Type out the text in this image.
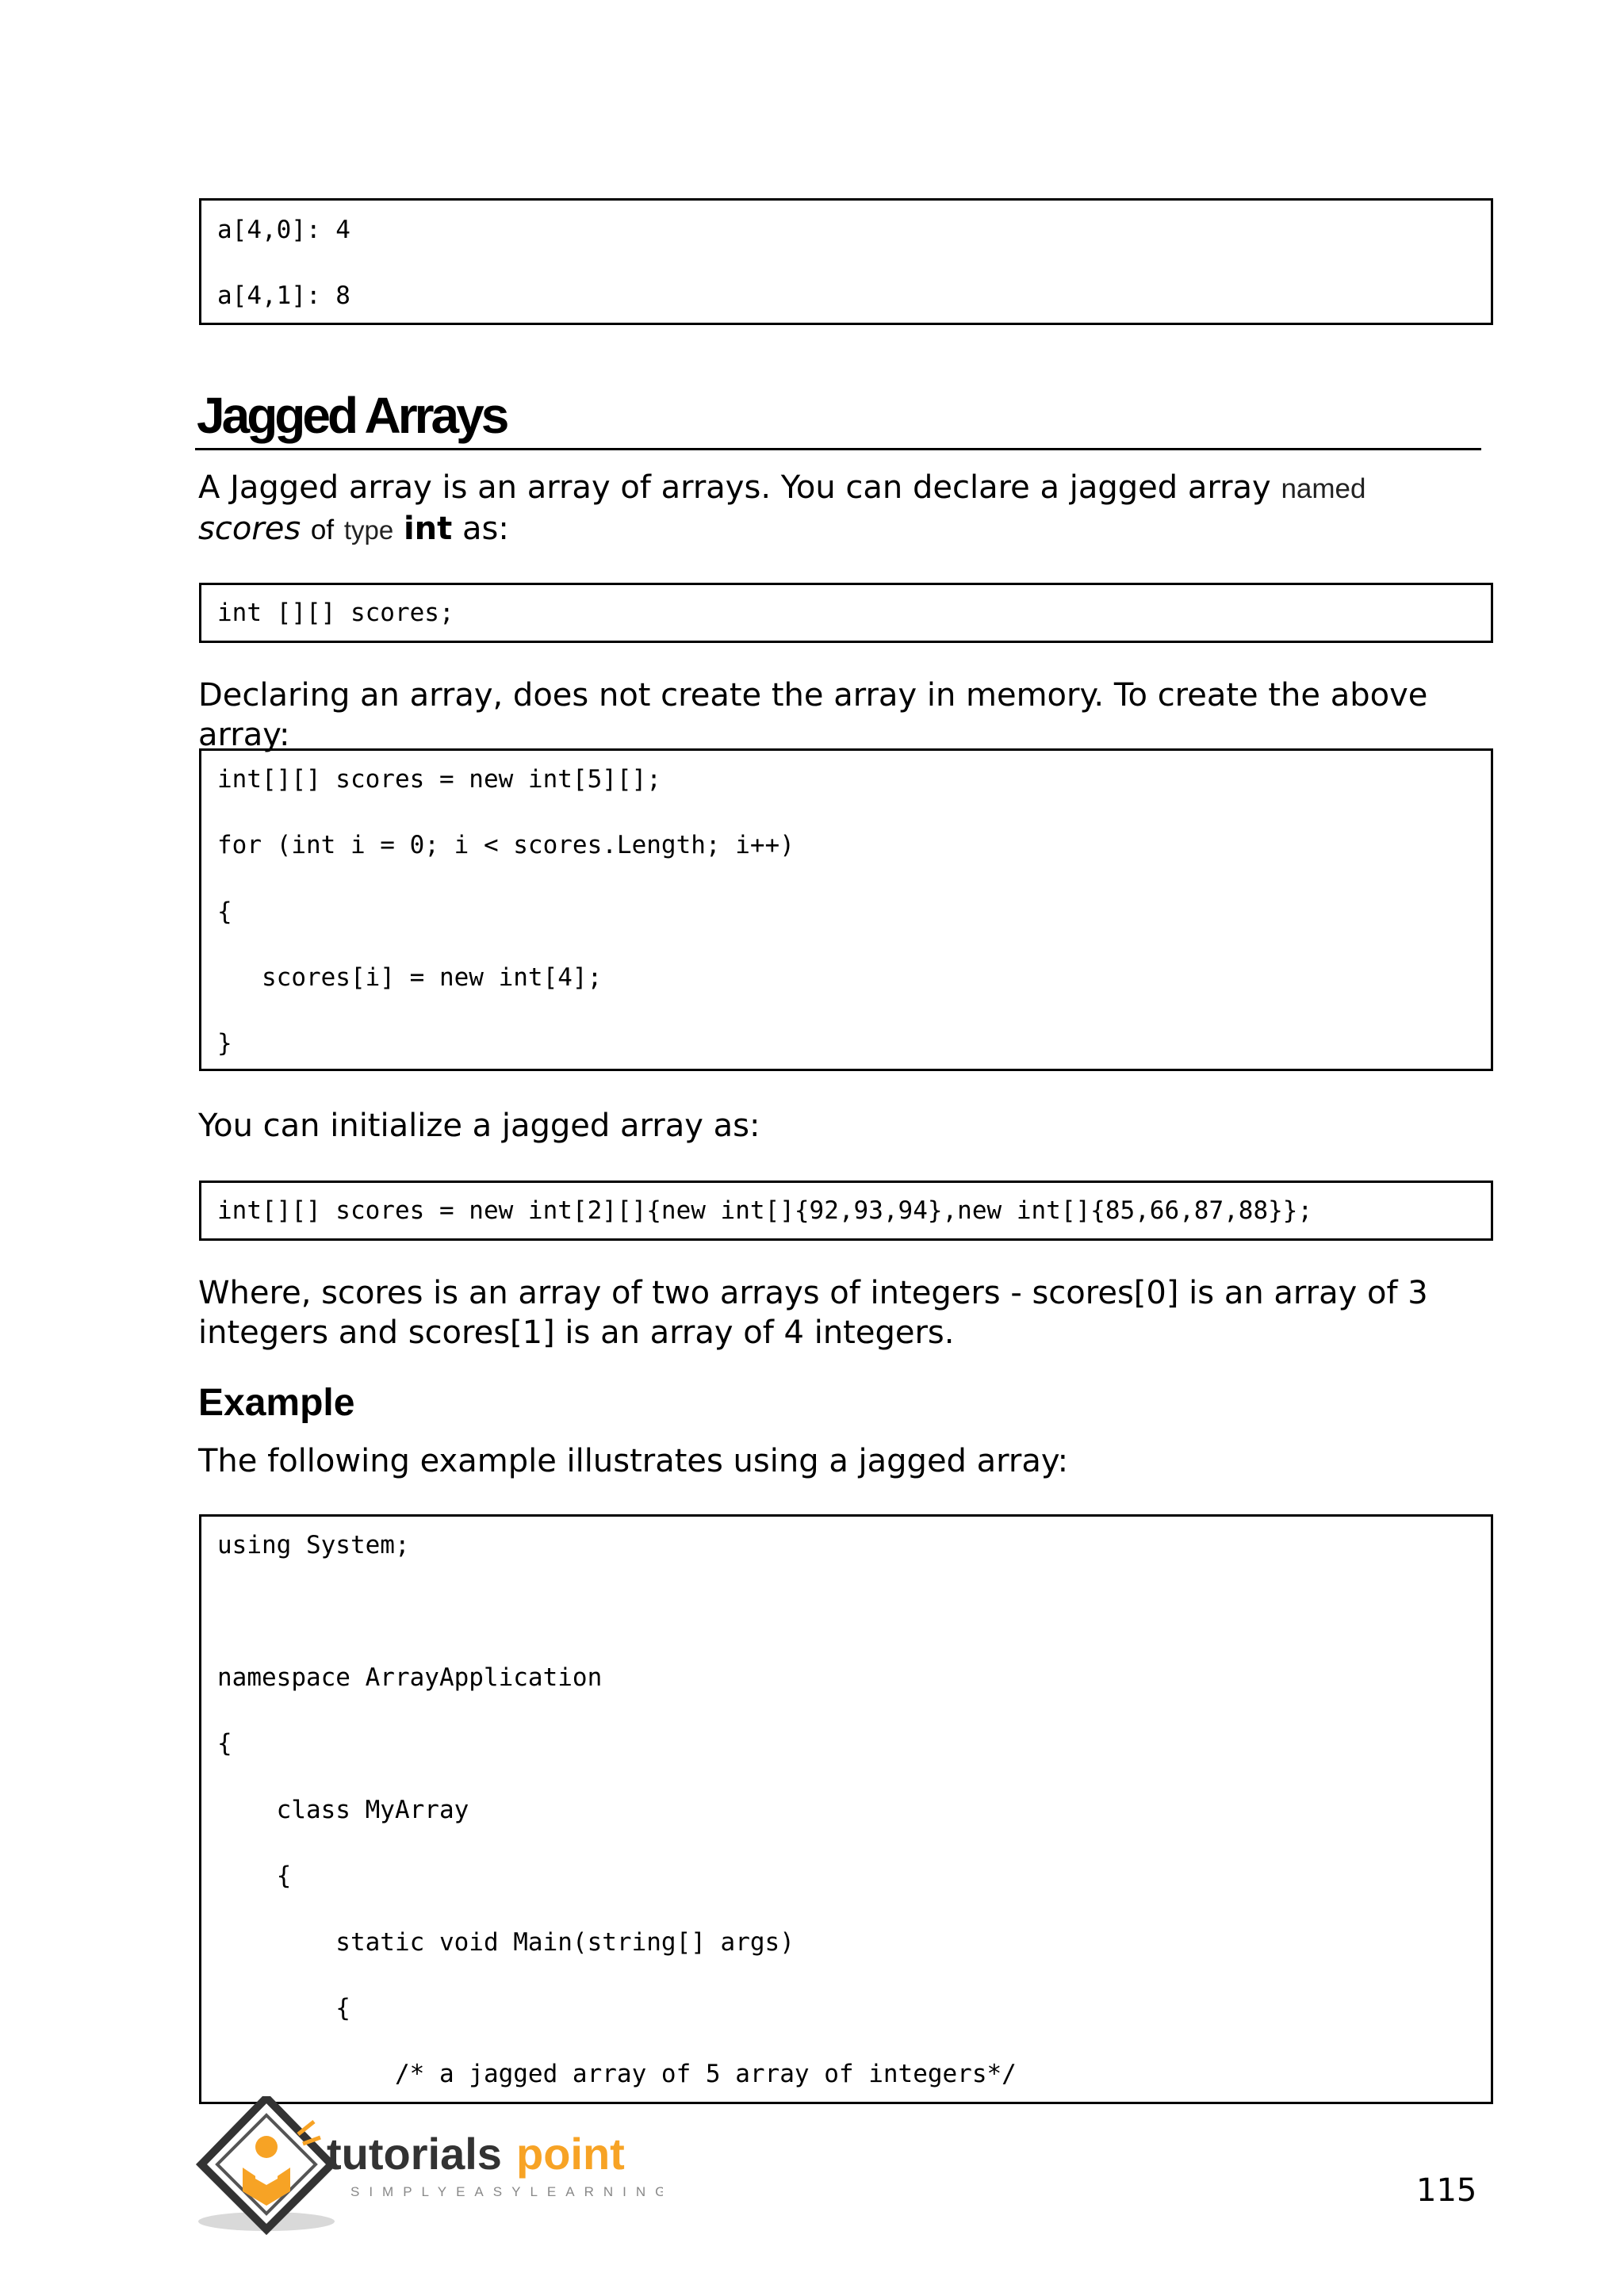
a[4,0]: 4
a[4,1]: 8
Jagged Arrays

A Jagged array is an array of arrays. You can declare a jagged array named
scores of type int as:

int [][] scores;

Declaring an array, does not create the array in memory. To create the above array:

int[][] scores = new int[5][];
for (int i = 0; i < scores.Length; i++)
{
scores[i] = new int[4];
}

You can initialize a jagged array as:

int[][] scores = new int[2][]{new int[]{92,93,94},new int[]{85,66,87,88}};

Where, scores is an array of two arrays of integers - scores[0] is an array of 3 integers and scores[1] is an array of 4 integers.

Example

The following example illustrates using a jagged array:

using System;
namespace ArrayApplication
{
class MyArray
{
static void Main(string[] args)
{
/* a jagged array of 5 array of integers*/
tutorials point
SIMPLYEASYLEARNING	115
